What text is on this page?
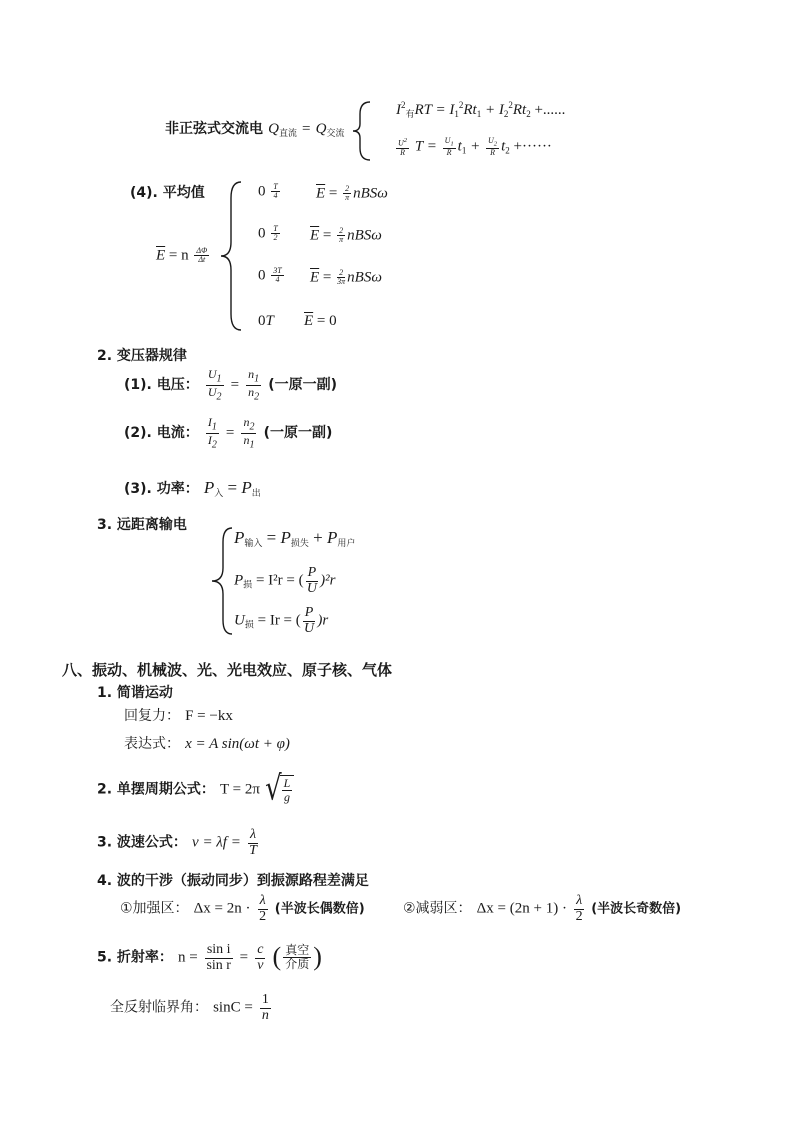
非正弦式交流电 $Q_{直流} = Q_{交流}$
$I^2_有RT = I_1^2Rt_1 + I_2^2Rt_2$ +......
$\frac{U^2}{R}$ $T = \frac{U_1}{R} t_1 + \frac{U_2}{R} t_2$ +······
(4). 平均值
$\overline{E} = n \frac{\Delta\Phi}{\Delta t}$
$0 \frac{T}{4} \overline{E} = \frac{2}{\pi}$ nBSω
$0 \frac{T}{2} \overline{E} = \frac{2}{\pi}$ nBSω
$0 \frac{3T}{4} \overline{E} = \frac{2}{3\pi}$ nBSω
0T $\overline{E} = 0$
2. 变压器规律
(1). 电压： $\frac{U_1}{U_2} = \frac{n_1}{n_2}$ (一原一副)
(2). 电流： $\frac{I_1}{I_2} = \frac{n_2}{n_1}$ (一原一副)
(3). 功率： $P_入 = P_出$
3. 远距离输电
$P_{输入} = P_{损失} + P_{用户}$
$P_损 = I^2r$ = ( $\frac{P}{U} )^2r$
$U_损 = Ir$ = ( $\frac{P}{U} )r$
八、振动、机械波、光、光电效应、原子核、气体
1. 简谐运动
回复力： F = −kx
表达式： x = A sin(ωt + φ)
2. 单摆周期公式： T = 2π √ $\frac{L}{g}$
3. 波速公式： $v = \lambda f = \frac{\lambda}{T}$
4. 波的干涉（振动同步）到振源路程差满足
①加强区： $\Delta x = 2n \cdot \frac{\lambda}{2}$ (半波长偶数倍)	②减弱区： $\Delta x = (2n + 1) \cdot \frac{\lambda}{2}$ (半波长奇数倍)
5. 折射率： $n = \frac{\text{sin i}}{\text{sin r}} = \frac{c}{v}$ ( $\frac{\text{真空}}{\text{介质}}$ )
全反射临界角： $\sin C = \frac{1}{n}$
